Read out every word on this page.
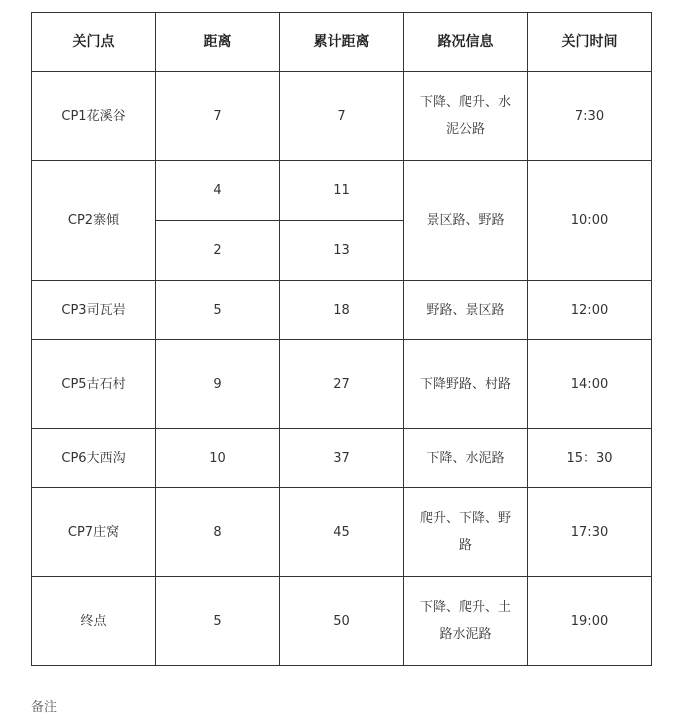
关门点	距离	累计距离	路况信息	关门时间
CP1花溪谷	7	7	下降、爬升、水泥公路	7:30
CP2寨傾	4	11	景区路、野路	10:00
	2	13		
CP3司瓦岩	5	18	野路、景区路	12:00
CP5古石村	9	27	下降野路、村路	14:00
CP6大西沟	10	37	下降、水泥路	15：30
CP7庄窝	8	45	爬升、下降、野路	17:30
终点	5	50	下降、爬升、土路水泥路	19:00
备注
